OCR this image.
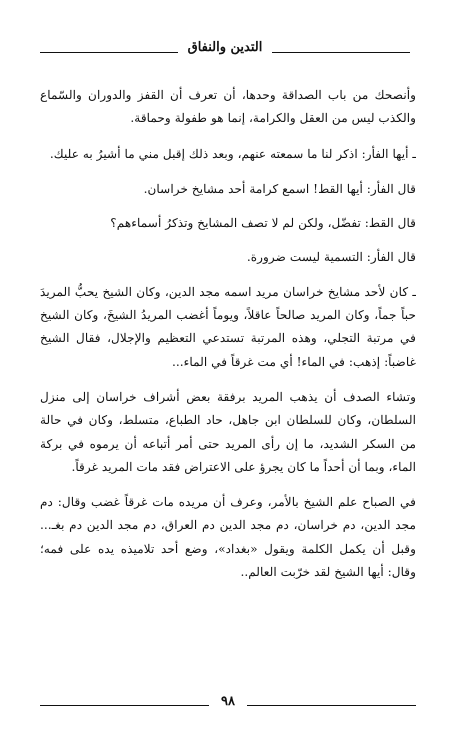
التدين والنفاق

وأنصحك من باب الصداقة وحدها، أن تعرف أن القفز والدوران والسّماع والكذب ليس من العقل والكرامة، إنما هو طفولة وحماقة.

ـ أيها الفأر: اذكر لنا ما سمعته عنهم، وبعد ذلك إقبل مني ما أشيرُ به عليك.

قال الفأر: أيها القط! اسمع كرامة أحد مشايخ خراسان.

قال القط: تفضّل، ولكن لم لا تصف المشايخ وتذكرُ أسماءهم؟

قال الفأر: التسمية ليست ضرورة.

ـ كان لأحد مشايخ خراسان مريد اسمه مجد الدين، وكان الشيخ يحبُّ المريدَ حباً جماً، وكان المريد صالحاً عاقلاً، ويوماً أغضب المريدُ الشيخَ، وكان الشيخ في مرتبة التجلي، وهذه المرتبة تستدعي التعظيم والإجلال، فقال الشيخ غاضباً: إذهب: في الماء! أي مت غرقاً في الماء...

وتشاء الصدف أن يذهب المريد برفقة بعض أشراف خراسان إلى منزل السلطان، وكان للسلطان ابن جاهل، حاد الطباع، متسلط، وكان في حالة من السكر الشديد، ما إن رأى المريد حتى أمر أتباعه أن يرموه في بركة الماء، وبما أن أحداً ما كان يجرؤ على الاعتراض فقد مات المريد غرقاً.

في الصباح علم الشيخ بالأمر، وعرف أن مريده مات غرقاً غضب وقال: دم مجد الدين، دم خراسان، دم مجد الدين دم العراق، دم مجد الدين دم بغـ... وقبل أن يكمل الكلمة ويقول «بغداد»، وضع أحد تلاميذه يده على فمه؛ وقال: أيها الشيخ لقد خرّبت العالم..

٩٨
